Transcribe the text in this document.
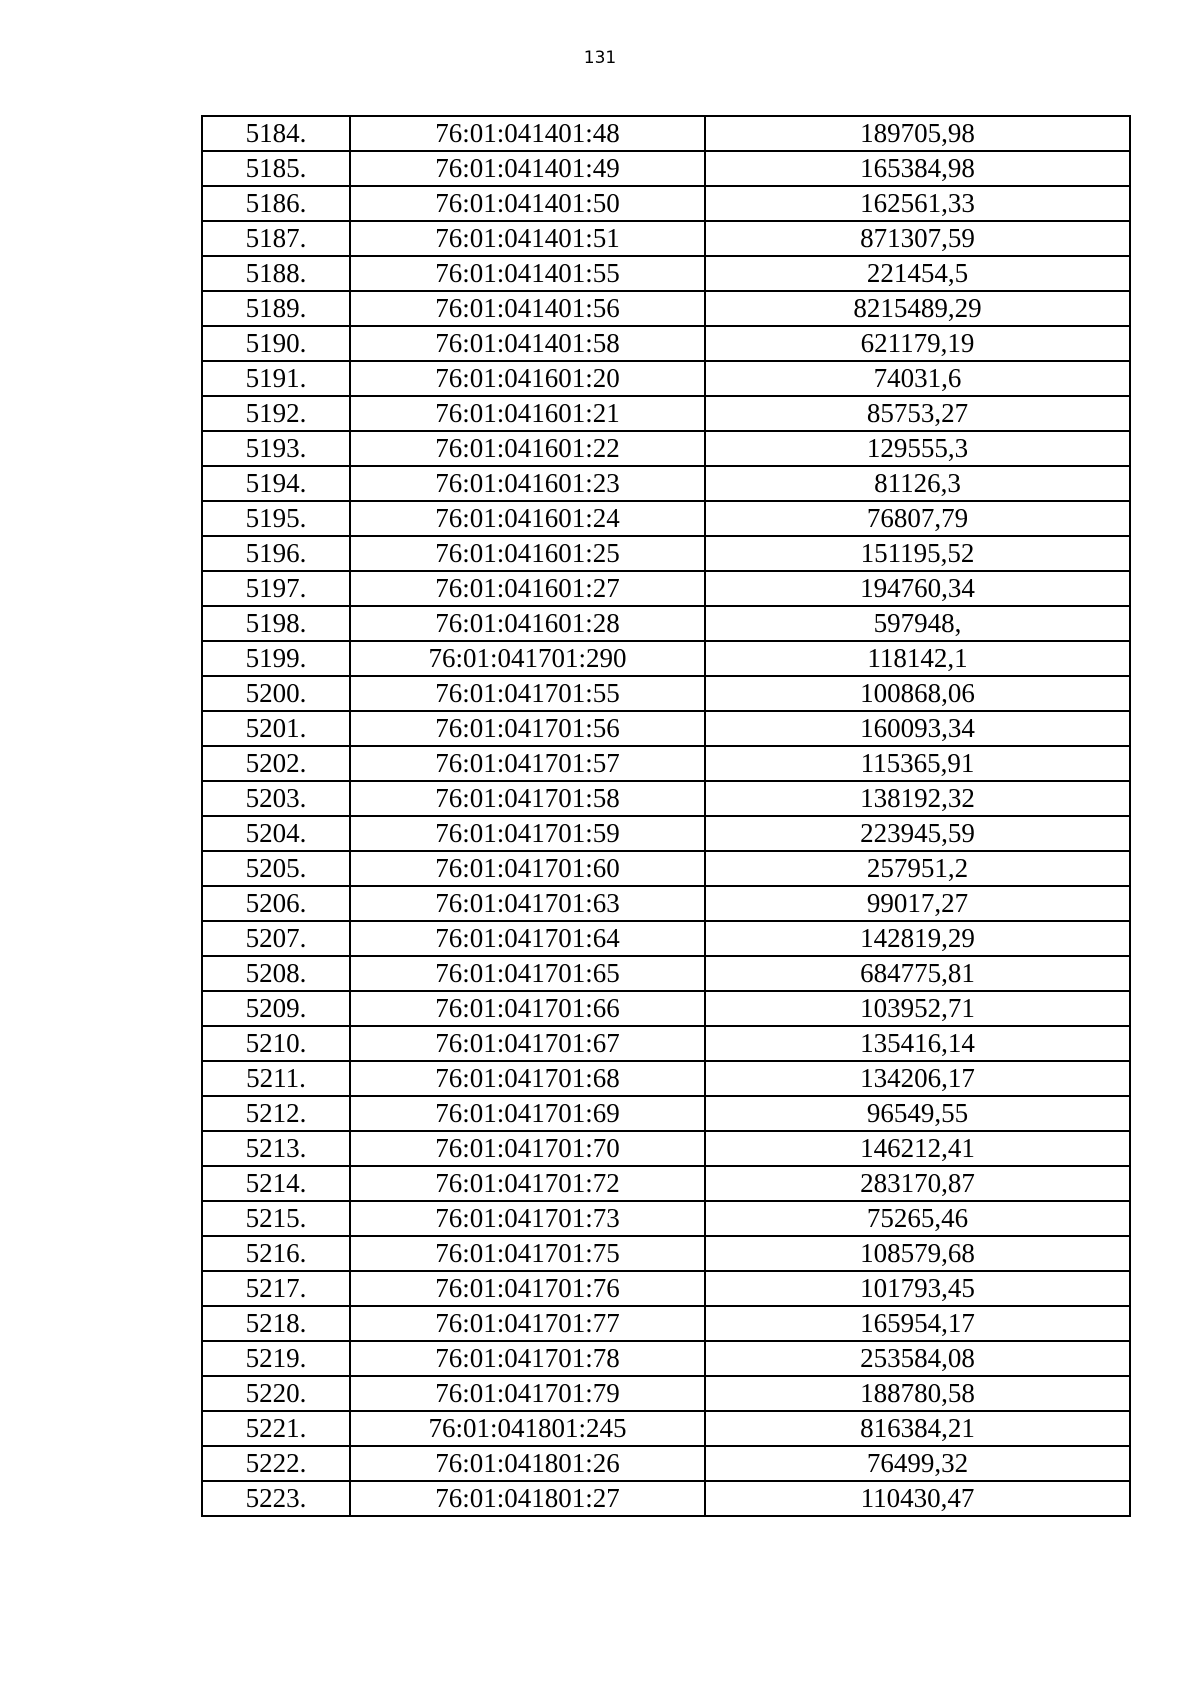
131
5184.	76:01:041401:48	189705,98
5185.	76:01:041401:49	165384,98
5186.	76:01:041401:50	162561,33
5187.	76:01:041401:51	871307,59
5188.	76:01:041401:55	221454,5
5189.	76:01:041401:56	8215489,29
5190.	76:01:041401:58	621179,19
5191.	76:01:041601:20	74031,6
5192.	76:01:041601:21	85753,27
5193.	76:01:041601:22	129555,3
5194.	76:01:041601:23	81126,3
5195.	76:01:041601:24	76807,79
5196.	76:01:041601:25	151195,52
5197.	76:01:041601:27	194760,34
5198.	76:01:041601:28	597948,
5199.	76:01:041701:290	118142,1
5200.	76:01:041701:55	100868,06
5201.	76:01:041701:56	160093,34
5202.	76:01:041701:57	115365,91
5203.	76:01:041701:58	138192,32
5204.	76:01:041701:59	223945,59
5205.	76:01:041701:60	257951,2
5206.	76:01:041701:63	99017,27
5207.	76:01:041701:64	142819,29
5208.	76:01:041701:65	684775,81
5209.	76:01:041701:66	103952,71
5210.	76:01:041701:67	135416,14
5211.	76:01:041701:68	134206,17
5212.	76:01:041701:69	96549,55
5213.	76:01:041701:70	146212,41
5214.	76:01:041701:72	283170,87
5215.	76:01:041701:73	75265,46
5216.	76:01:041701:75	108579,68
5217.	76:01:041701:76	101793,45
5218.	76:01:041701:77	165954,17
5219.	76:01:041701:78	253584,08
5220.	76:01:041701:79	188780,58
5221.	76:01:041801:245	816384,21
5222.	76:01:041801:26	76499,32
5223.	76:01:041801:27	110430,47
